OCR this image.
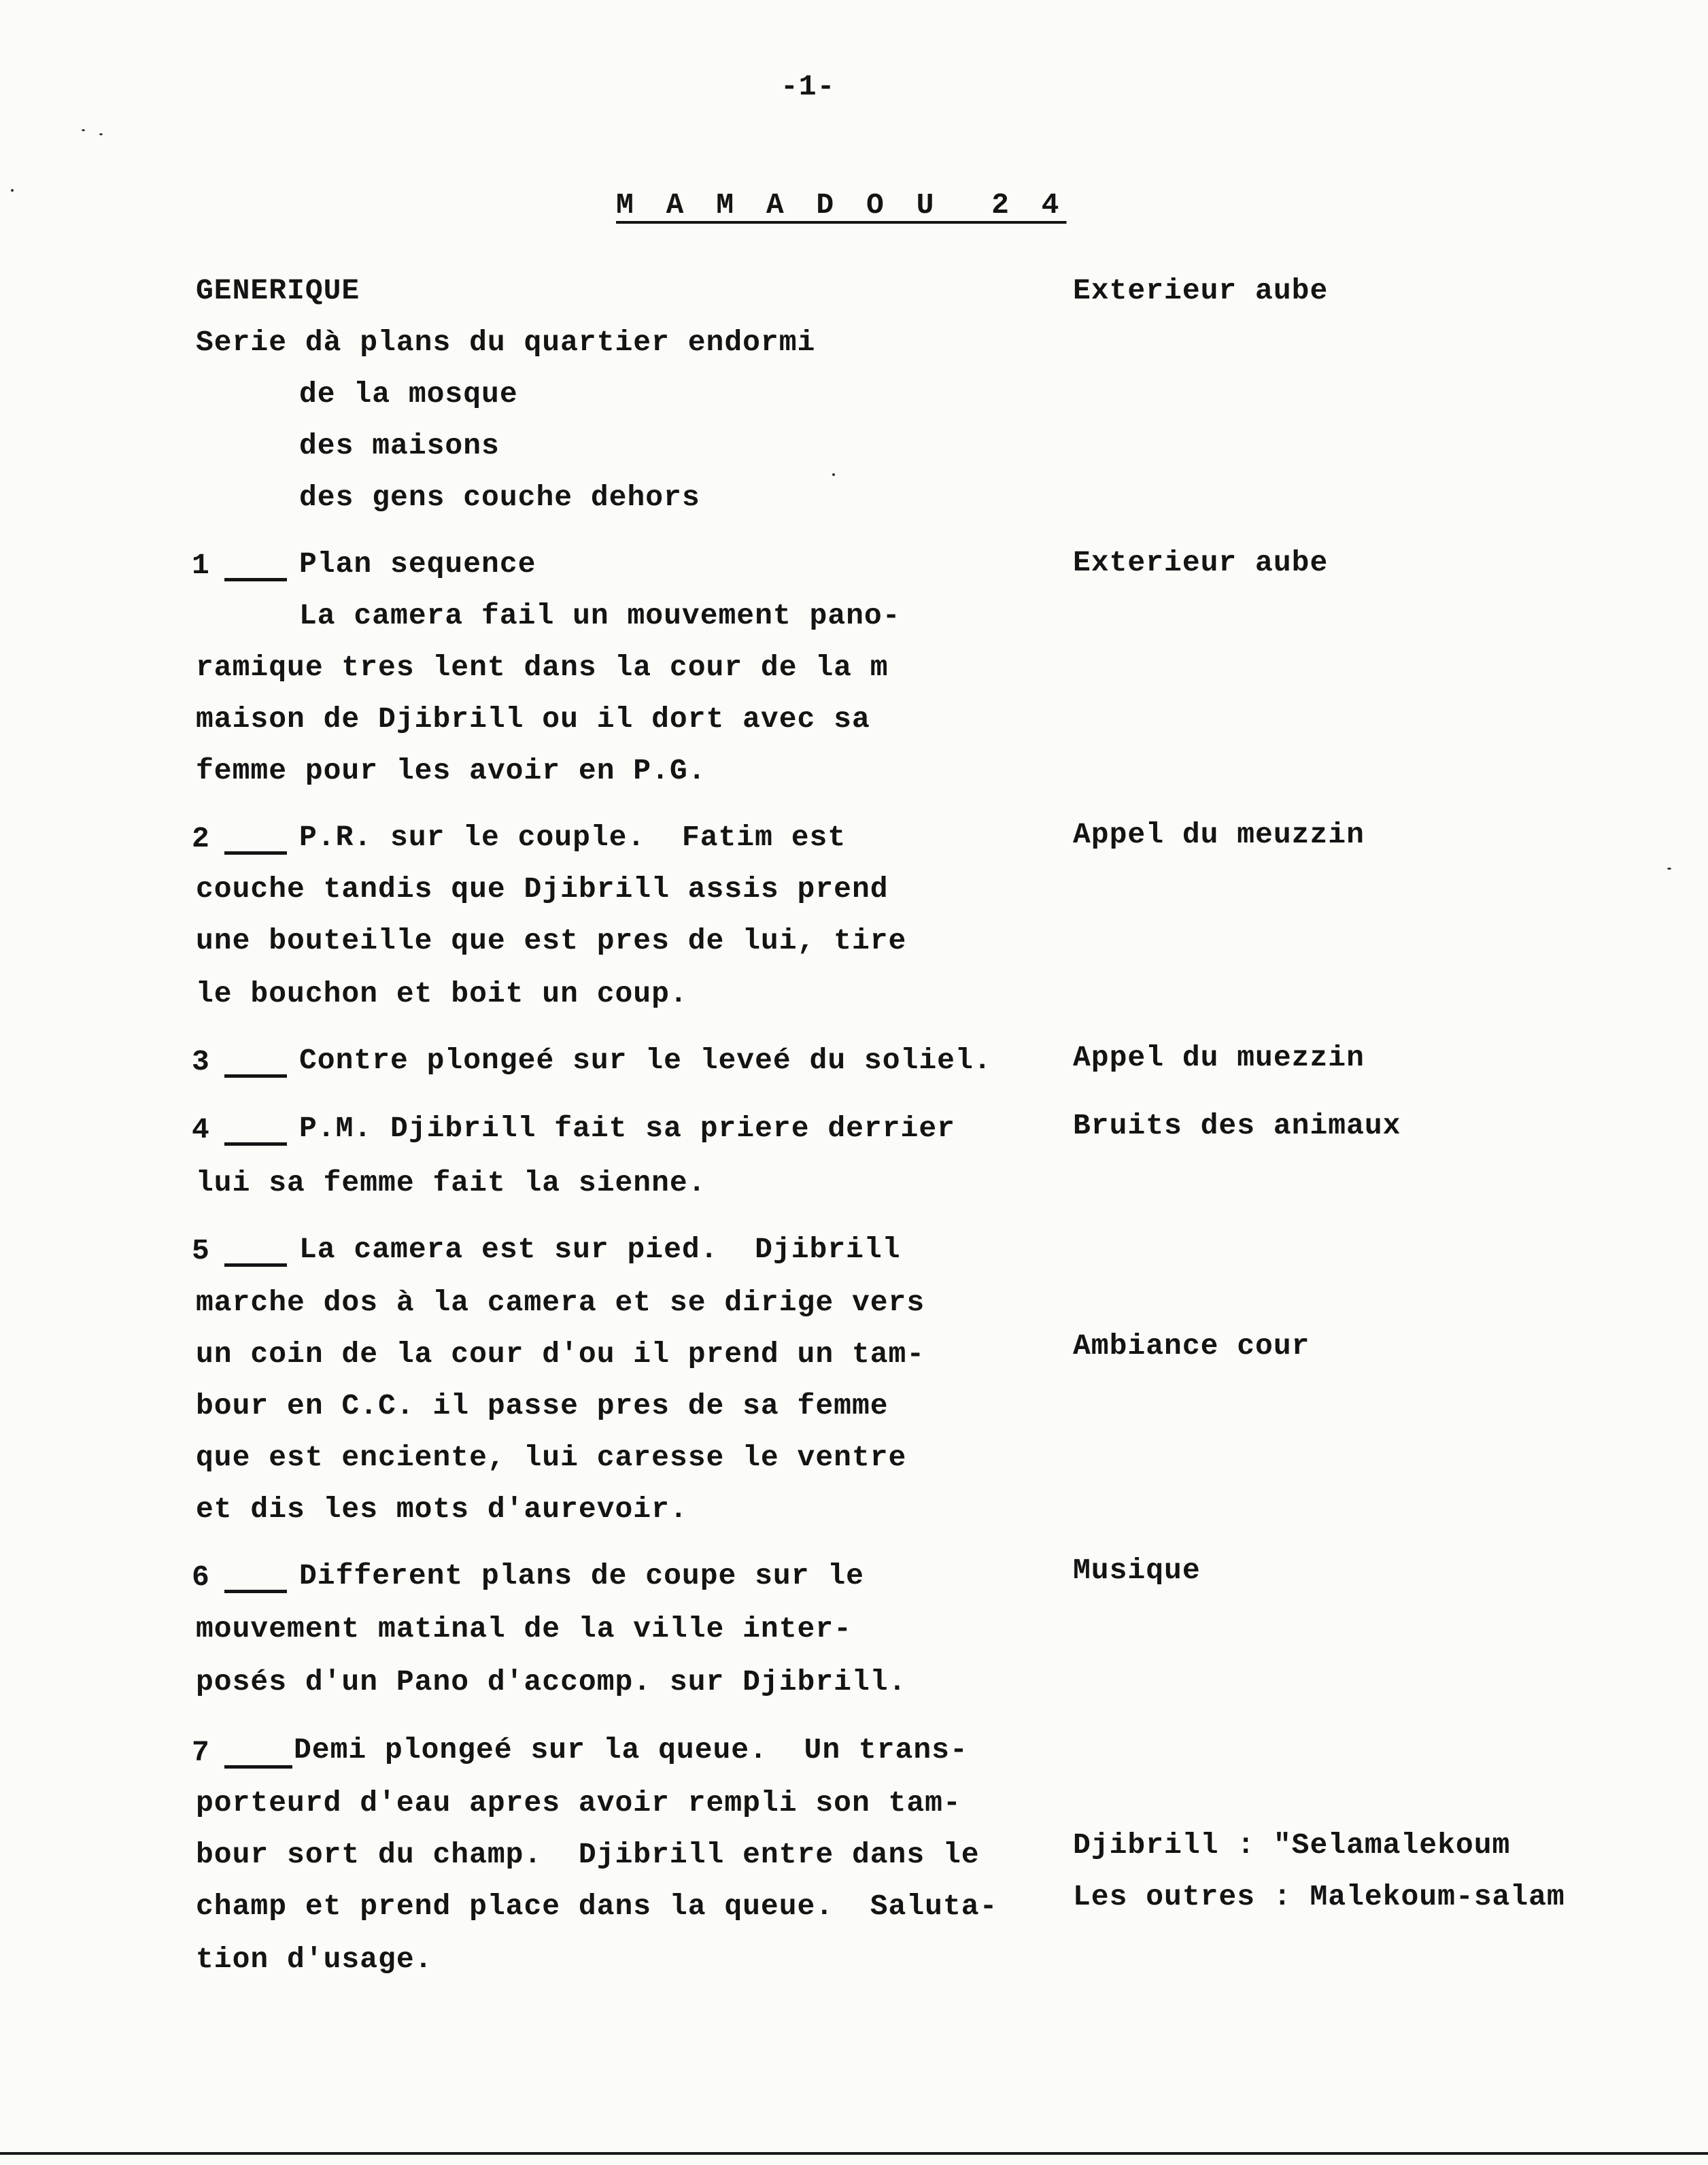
-1-
M A M A D O U  2 4
GENERIQUE	Exterieur aube
Serie dà plans du quartier endormi
de la mosque
des maisons
des gens couche dehors
1	Plan sequence	Exterieur aube
La camera fail un mouvement pano-
ramique tres lent dans la cour de la m
maison de Djibrill ou il dort avec sa
femme pour les avoir en P.G.
2	P.R. sur le couple.  Fatim est	Appel du meuzzin
couche tandis que Djibrill assis prend
une bouteille que est pres de lui, tire
le bouchon et boit un coup.
3	Contre plongeé sur le leveé du soliel.	Appel du muezzin
4	P.M. Djibrill fait sa priere derrier	Bruits des animaux
lui sa femme fait la sienne.
5	La camera est sur pied.  Djibrill
marche dos à la camera et se dirige vers
un coin de la cour d'ou il prend un tam-	Ambiance cour
bour en C.C. il passe pres de sa femme
que est enciente, lui caresse le ventre
et dis les mots d'aurevoir.
6	Different plans de coupe sur le	Musique
mouvement matinal de la ville inter-
posés d'un Pano d'accomp. sur Djibrill.
7	Demi plongeé sur la queue.  Un trans-
porteurd d'eau apres avoir rempli son tam-
bour sort du champ.  Djibrill entre dans le	Djibrill : "Selamalekoum
champ et prend place dans la queue.  Saluta-	Les outres : Malekoum-salam
tion d'usage.
